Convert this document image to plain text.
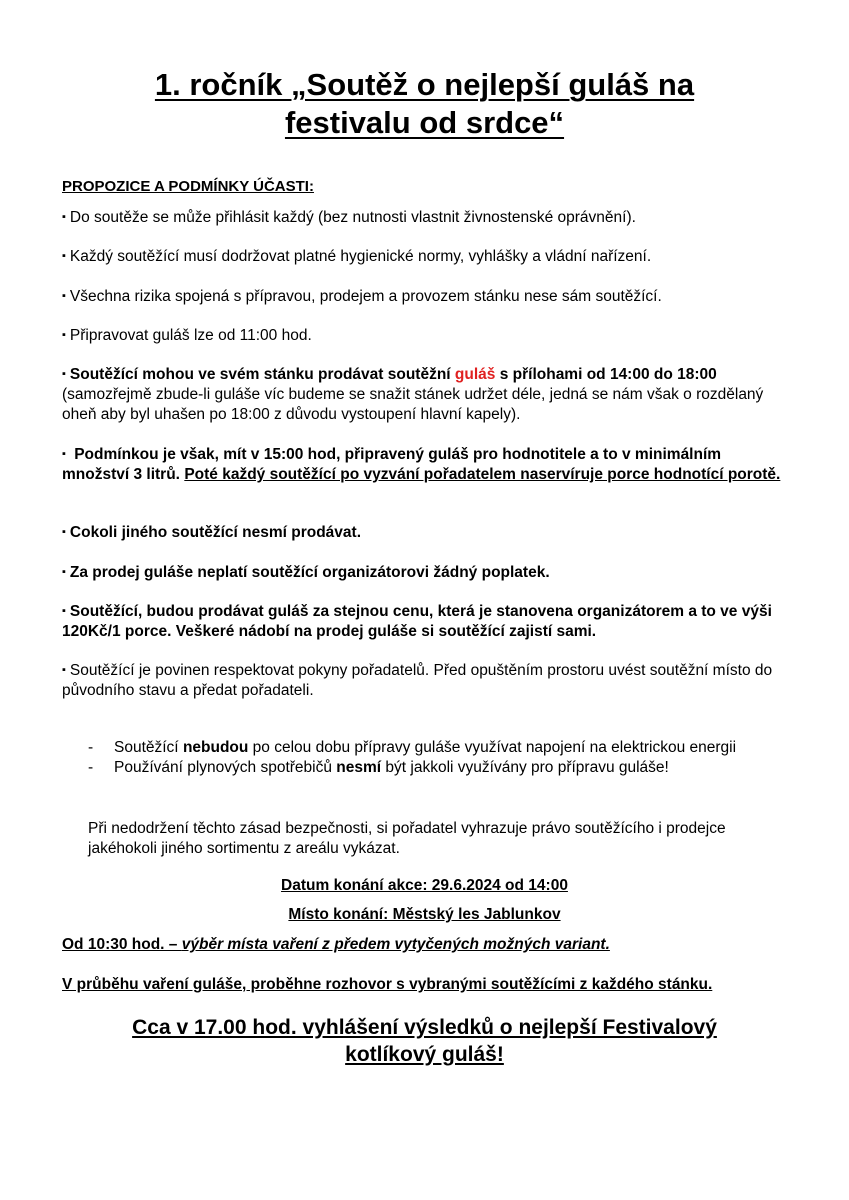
1. ročník „Soutěž o nejlepší guláš na
festivalu od srdce“
PROPOZICE A PODMÍNKY ÚČASTI:
▪ Do soutěže se může přihlásit každý (bez nutnosti vlastnit živnostenské oprávnění).
▪ Každý soutěžící musí dodržovat platné hygienické normy, vyhlášky a vládní nařízení.
▪ Všechna rizika spojená s přípravou, prodejem a provozem stánku nese sám soutěžící.
▪ Připravovat guláš lze od 11:00 hod.
▪ Soutěžící mohou ve svém stánku prodávat soutěžní guláš s přílohami od 14:00 do 18:00
(samozřejmě zbude-li guláše víc budeme se snažit stánek udržet déle, jedná se nám však o rozdělaný oheň aby byl uhašen po 18:00 z důvodu vystoupení hlavní kapely).
▪ Podmínkou je však, mít v 15:00 hod, připravený guláš pro hodnotitele a to v minimálním množství 3 litrů. Poté každý soutěžící po vyzvání pořadatelem naservíruje porce hodnotící porotě.
▪ Cokoli jiného soutěžící nesmí prodávat.
▪ Za prodej guláše neplatí soutěžící organizátorovi žádný poplatek.
▪ Soutěžící, budou prodávat guláš za stejnou cenu, která je stanovena organizátorem a to ve výši 120Kč/1 porce. Veškeré nádobí na prodej guláše si soutěžící zajistí sami.
▪ Soutěžící je povinen respektovat pokyny pořadatelů. Před opuštěním prostoru uvést soutěžní místo do původního stavu a předat pořadateli.
- Soutěžící nebudou po celou dobu přípravy guláše využívat napojení na elektrickou energii
- Používání plynových spotřebičů nesmí být jakkoli využívány pro přípravu guláše!
Při nedodržení těchto zásad bezpečnosti, si pořadatel vyhrazuje právo soutěžícího i prodejce jakéhokoli jiného sortimentu z areálu vykázat.
Datum konání akce: 29.6.2024 od 14:00
Místo konání: Městský les Jablunkov
Od 10:30 hod. – výběr místa vaření z předem vytyčených možných variant.
V průběhu vaření guláše, proběhne rozhovor s vybranými soutěžícími z každého stánku.
Cca v 17.00 hod. vyhlášení výsledků o nejlepší Festivalový
kotlíkový guláš!
